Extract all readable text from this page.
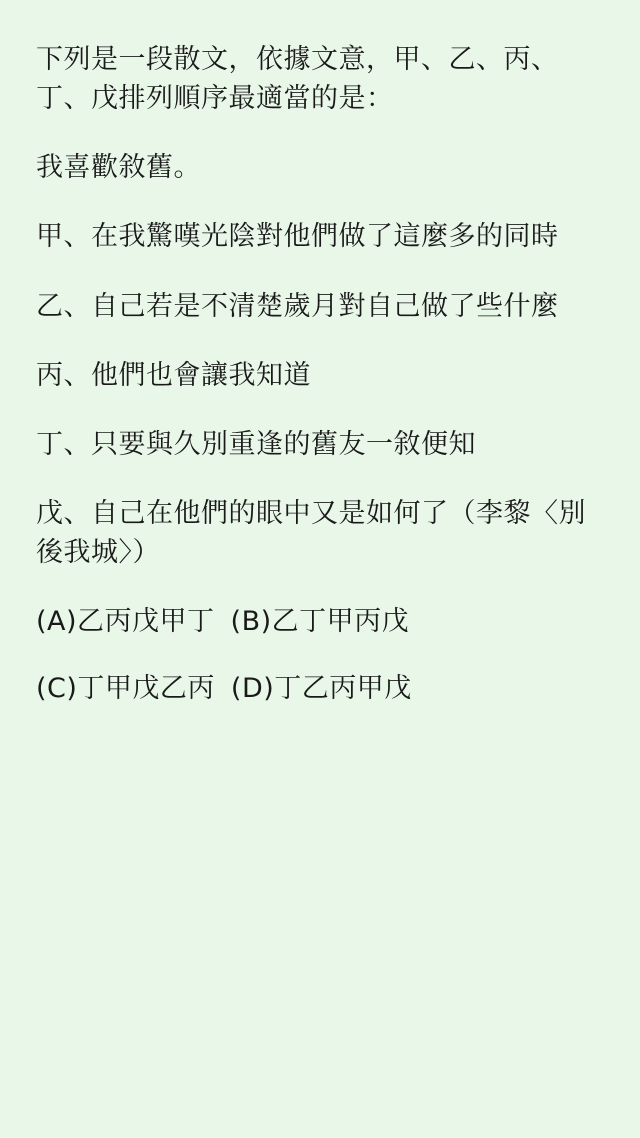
下列是一段散文，依據文意，甲、乙、丙、丁、戊排列順序最適當的是：

我喜歡敘舊。

甲、在我驚嘆光陰對他們做了這麼多的同時

乙、自己若是不清楚歲月對自己做了些什麼

丙、他們也會讓我知道

丁、只要與久別重逢的舊友一敘便知

戊、自己在他們的眼中又是如何了（李黎〈別後我城〉）

(A)乙丙戊甲丁 (B)乙丁甲丙戊
(C)丁甲戊乙丙 (D)丁乙丙甲戊
